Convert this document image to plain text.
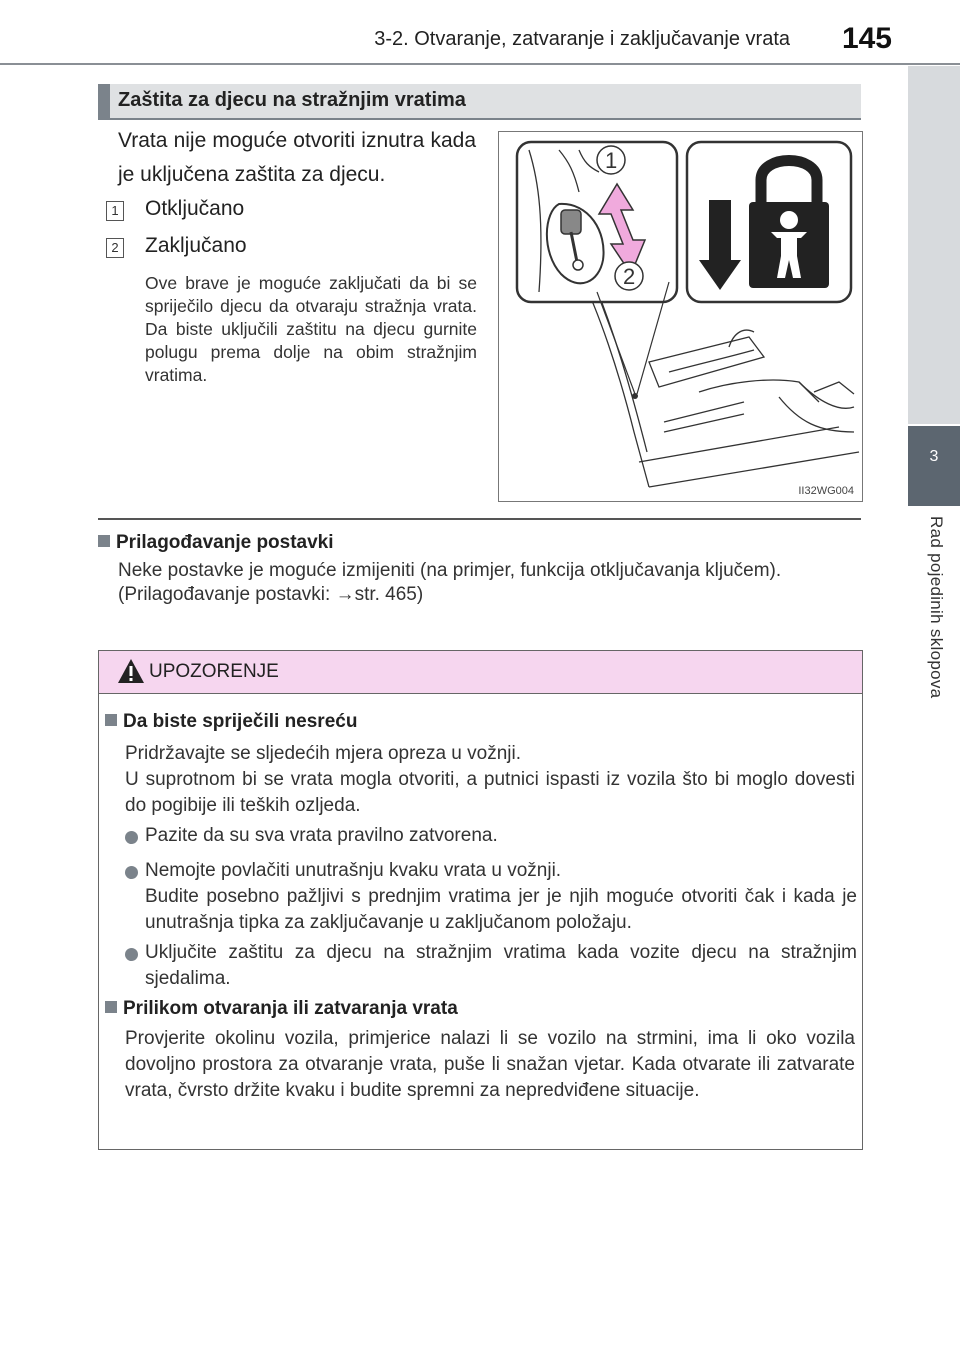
3-2. Otvaranje, zatvaranje i zaključavanje vrata 145
3
Rad pojedinih sklopova
Zaštita za djecu na stražnjim vratima
Vrata nije moguće otvoriti iznutra kada je uključena zaštita za djecu.
1 Otključano
2 Zaključano
Ove brave je moguće zaključati da bi se spriječilo djecu da otvaraju stražnja vrata. Da biste uključili zaštitu na djecu gurnite polugu prema dolje na obim stražnjim vratima.
1
2
II32WG004
Prilagođavanje postavki
Neke postavke je moguće izmijeniti (na primjer, funkcija otključavanja ključem).
(Prilagođavanje postavki: →str. 465)
UPOZORENJE
Da biste spriječili nesreću
Pridržavajte se sljedećih mjera opreza u vožnji.
U suprotnom bi se vrata mogla otvoriti, a putnici ispasti iz vozila što bi moglo dovesti do pogibije ili teških ozljeda.
Pazite da su sva vrata pravilno zatvorena.
Nemojte povlačiti unutrašnju kvaku vrata u vožnji.
Budite posebno pažljivi s prednjim vratima jer je njih moguće otvoriti čak i kada je unutrašnja tipka za zaključavanje u zaključanom položaju.
Uključite zaštitu za djecu na stražnjim vratima kada vozite djecu na stražnjim sjedalima.
Prilikom otvaranja ili zatvaranja vrata
Provjerite okolinu vozila, primjerice nalazi li se vozilo na strmini, ima li oko vozila dovoljno prostora za otvaranje vrata, puše li snažan vjetar. Kada otvarate ili zatvarate vrata, čvrsto držite kvaku i budite spremni za nepredviđene situacije.
